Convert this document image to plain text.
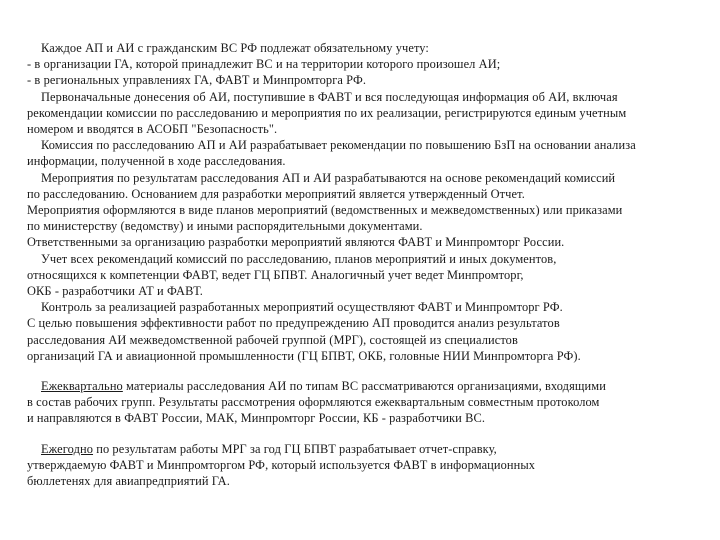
Каждое АП и АИ с гражданским ВС РФ подлежат обязательному учету:
- в организации ГА, которой принадлежит ВС и на территории которого произошел АИ;
- в региональных управлениях ГА, ФАВТ и Минпромторга РФ.
Первоначальные донесения об АИ, поступившие в ФАВТ и вся последующая информация об АИ, включая
рекомендации комиссии по расследованию и мероприятия по их реализации, регистрируются единым учетным
номером и вводятся в АСОБП "Безопасность".
Комиссия по расследованию АП и АИ разрабатывает рекомендации по повышению БзП на основании анализа
информации, полученной в ходе расследования.
Мероприятия по результатам расследования АП и АИ разрабатываются на основе рекомендаций комиссий
по расследованию. Основанием для разработки мероприятий является утвержденный Отчет.
Мероприятия оформляются в виде планов мероприятий (ведомственных и межведомственных) или приказами
по министерству (ведомству) и иными распорядительными документами.
Ответственными за организацию разработки мероприятий являются ФАВТ и Минпромторг России.
Учет всех рекомендаций комиссий по расследованию, планов мероприятий и иных документов,
относящихся к компетенции ФАВТ, ведет ГЦ БПВТ. Аналогичный учет ведет Минпромторг,
ОКБ - разработчики АТ и ФАВТ.
Контроль за реализацией разработанных мероприятий осуществляют ФАВТ и Минпромторг РФ.
С целью повышения эффективности работ по предупреждению АП проводится анализ результатов
расследования АИ межведомственной рабочей группой (МРГ), состоящей из специалистов
организаций ГА и авиационной промышленности (ГЦ БПВТ, ОКБ, головные НИИ Минпромторга РФ).
Ежеквартально материалы расследования АИ по типам ВС рассматриваются организациями, входящими
в состав рабочих групп. Результаты рассмотрения оформляются ежеквартальным совместным протоколом
и направляются в ФАВТ России, МАК, Минпромторг России, КБ - разработчики ВС.
Ежегодно по результатам работы МРГ за год ГЦ БПВТ разрабатывает отчет-справку,
утверждаемую ФАВТ и Минпромторгом РФ, который используется ФАВТ в информационных
бюллетенях для авиапредприятий ГА.
